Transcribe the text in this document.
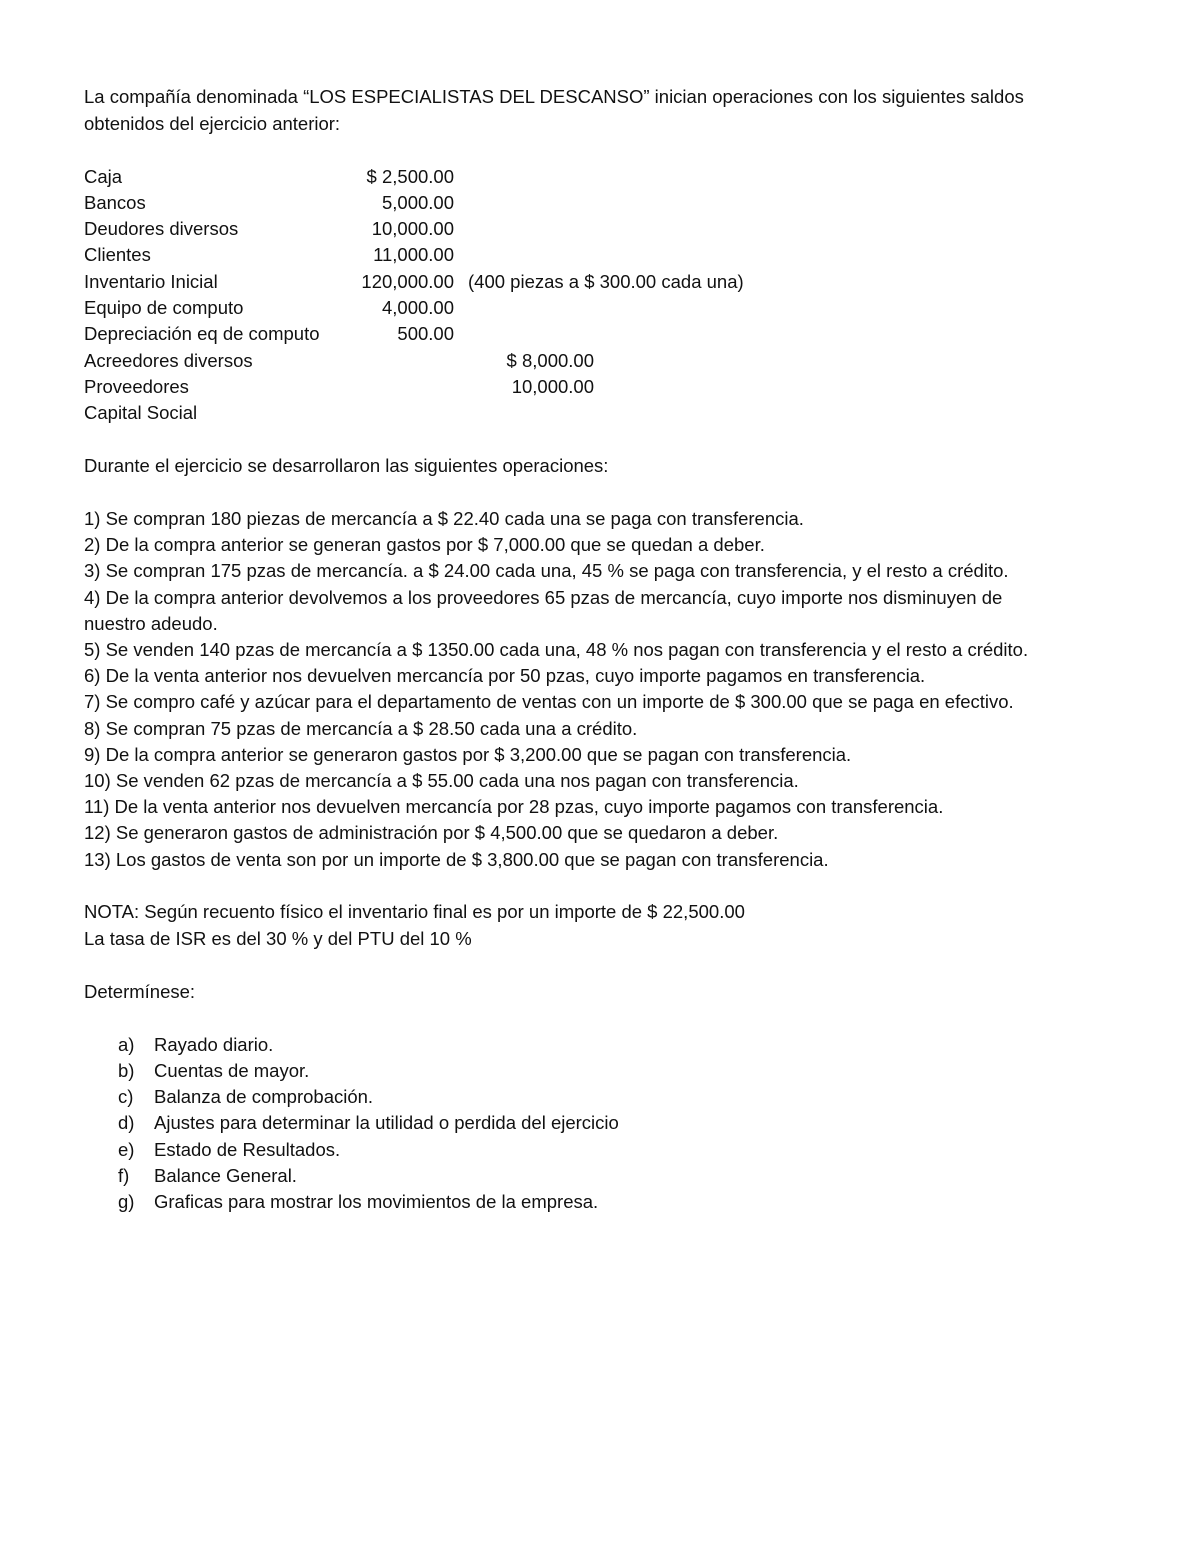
La compañía denominada “LOS ESPECIALISTAS DEL DESCANSO” inician operaciones con los siguientes saldos

obtenidos del ejercicio anterior:

Caja	$ 2,500.00
Bancos	5,000.00
Deudores diversos	10,000.00
Clientes	11,000.00
Inventario Inicial	120,000.00 (400 piezas a $ 300.00 cada una)
Equipo de computo	4,000.00
Depreciación eq de computo	500.00
Acreedores diversos	$ 8,000.00
Proveedores	10,000.00
Capital Social

Durante el ejercicio se desarrollaron las siguientes operaciones:

1) Se compran 180 piezas de mercancía a $ 22.40 cada una se paga con transferencia.

2) De la compra anterior se generan gastos por $ 7,000.00 que se quedan a deber.

3) Se compran 175 pzas de mercancía. a $ 24.00 cada una, 45 % se paga con transferencia, y el resto a crédito.

4) De la compra anterior devolvemos a los proveedores 65 pzas de mercancía, cuyo importe nos disminuyen de

nuestro adeudo.

5) Se venden 140 pzas de mercancía a $ 1350.00 cada una, 48 % nos pagan con transferencia y el resto a crédito.

6) De la venta anterior nos devuelven mercancía por 50 pzas, cuyo importe pagamos en transferencia.

7) Se compro café y azúcar para el departamento de ventas con un importe de $ 300.00 que se paga en efectivo.

8) Se compran 75 pzas de mercancía a $ 28.50 cada una a crédito.

9) De la compra anterior se generaron gastos por $ 3,200.00 que se pagan con transferencia.

10) Se venden 62 pzas de mercancía a $ 55.00 cada una nos pagan con transferencia.

11) De la venta anterior nos devuelven mercancía por 28 pzas, cuyo importe pagamos con transferencia.

12) Se generaron gastos de administración por $ 4,500.00 que se quedaron a deber.

13) Los gastos de venta son por un importe de $ 3,800.00 que se pagan con transferencia.

NOTA: Según recuento físico el inventario final es por un importe de $ 22,500.00

La tasa de ISR es del 30 % y del PTU del 10 %

Determínese:

a) Rayado diario.
b) Cuentas de mayor.
c) Balanza de comprobación.
d) Ajustes para determinar la utilidad o perdida del ejercicio
e) Estado de Resultados.
f) Balance General.
g) Graficas para mostrar los movimientos de la empresa.
